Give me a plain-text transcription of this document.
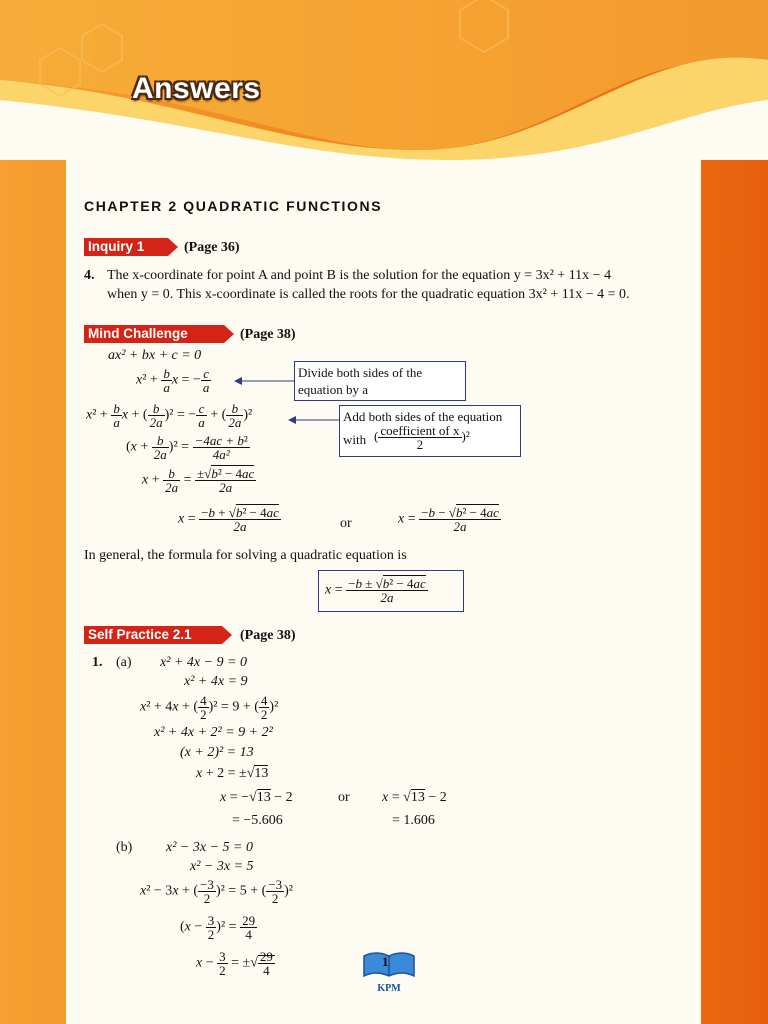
Answers
CHAPTER 2 QUADRATIC FUNCTIONS
Inquiry 1	(Page 36)
4. The x-coordinate for point A and point B is the solution for the equation y = 3x² + 11x − 4
when y = 0. This x-coordinate is called the roots for the quadratic equation 3x² + 11x − 4 = 0.
Mind Challenge	(Page 38)
ax² + bx + c = 0
$x^2 + \frac{b}{a}$ x = − $\frac{c}{a}$
$x^2 + \frac{b}{a}$ x + ( $\frac{b}{2a} )^2$ = − $\frac{c}{a}$ + ( $\frac{b}{2a} )^2$
$(x + \frac{b}{2a} )^2 = \frac{\text{−4ac + b²}}{\text{4a²}}$
$x + \frac{b}{2a} = \frac{\text{±√b² − 4ac}}{2a}$
$x = \frac{\text{−b + √b² − 4ac}}{2a}$	or	$x = \frac{\text{−b − √b² − 4ac}}{2a}$
Divide both sides of the
equation by a
Add both sides of the equation
with ( $\frac{\text{coefficient of x}}{2} )^2$
In general, the formula for solving a quadratic equation is
$x = \frac{\text{−b ± √b² − 4ac}}{2a}$
Self Practice 2.1	(Page 38)
1. (a) x² + 4x − 9 = 0
x² + 4x = 9
x² + 4x + ( $\frac{4}{2} )^2 = 9$ + ( $\frac{4}{2} )^2$
x² + 4x + 2² = 9 + 2²
(x + 2)² = 13
x + 2 = ±√13
x = −√13 − 2	or x = √13 − 2
= −5.606	= 1.606
(b) x² − 3x − 5 = 0
x² − 3x = 5
x² − 3x + ( $\frac{-3}{2} )^2 = 5$ + ( $\frac{-3}{2} )^2$
$(x - \frac{3}{2} )^2 = \frac{29}{4}$
$x - \frac{3}{2}$ = ±√ $\frac{29}{4}$	1
KPM
